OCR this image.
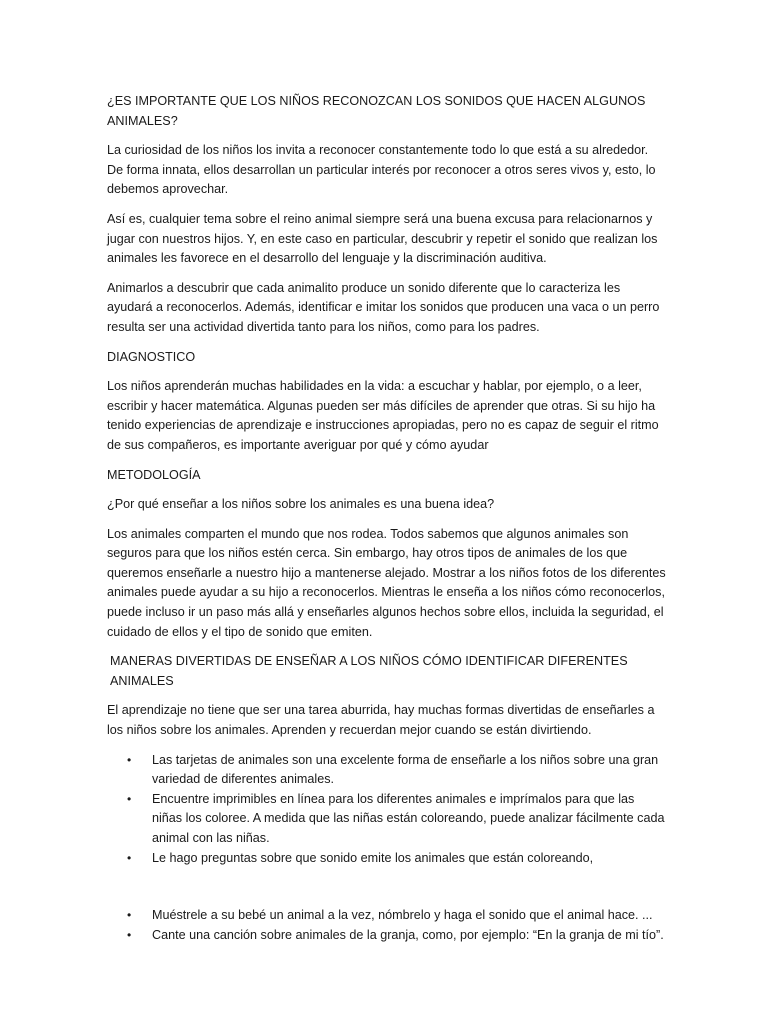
¿ES IMPORTANTE QUE LOS NIÑOS RECONOZCAN LOS SONIDOS QUE HACEN ALGUNOS ANIMALES?

La curiosidad de los niños los invita a reconocer constantemente todo lo que está a su alrededor. De forma innata, ellos desarrollan un particular interés por reconocer a otros seres vivos y, esto, lo debemos aprovechar.

Así es, cualquier tema sobre el reino animal siempre será una buena excusa para relacionarnos y jugar con nuestros hijos. Y, en este caso en particular, descubrir y repetir el sonido que realizan los animales les favorece en el desarrollo del lenguaje y la discriminación auditiva.

Animarlos a descubrir que cada animalito produce un sonido diferente que lo caracteriza les ayudará a reconocerlos. Además, identificar e imitar los sonidos que producen una vaca o un perro resulta ser una actividad divertida tanto para los niños, como para los padres.

DIAGNOSTICO

Los niños aprenderán muchas habilidades en la vida: a escuchar y hablar, por ejemplo, o a leer, escribir y hacer matemática. Algunas pueden ser más difíciles de aprender que otras. Si su hijo ha tenido experiencias de aprendizaje e instrucciones apropiadas, pero no es capaz de seguir el ritmo de sus compañeros, es importante averiguar por qué y cómo ayudar

METODOLOGÍA

¿Por qué enseñar a los niños sobre los animales es una buena idea?

Los animales comparten el mundo que nos rodea. Todos sabemos que algunos animales son seguros para que los niños estén cerca. Sin embargo, hay otros tipos de animales de los que queremos enseñarle a nuestro hijo a mantenerse alejado. Mostrar a los niños fotos de los diferentes animales puede ayudar a su hijo a reconocerlos. Mientras le enseña a los niños cómo reconocerlos, puede incluso ir un paso más allá y enseñarles algunos hechos sobre ellos, incluida la seguridad, el cuidado de ellos y el tipo de sonido que emiten.

MANERAS DIVERTIDAS DE ENSEÑAR A LOS NIÑOS CÓMO IDENTIFICAR DIFERENTES ANIMALES

El aprendizaje no tiene que ser una tarea aburrida, hay muchas formas divertidas de enseñarles a los niños sobre los animales. Aprenden y recuerdan mejor cuando se están divirtiendo.

• Las tarjetas de animales son una excelente forma de enseñarle a los niños sobre una gran variedad de diferentes animales.
• Encuentre imprimibles en línea para los diferentes animales e imprímalos para que las niñas los coloree. A medida que las niñas están coloreando, puede analizar fácilmente cada animal con las niñas.
• Le hago preguntas sobre que sonido emite los animales que están coloreando,
• Muéstrele a su bebé un animal a la vez, nómbrelo y haga el sonido que el animal hace. ...
• Cante una canción sobre animales de la granja, como, por ejemplo: “En la granja de mi tío”.
